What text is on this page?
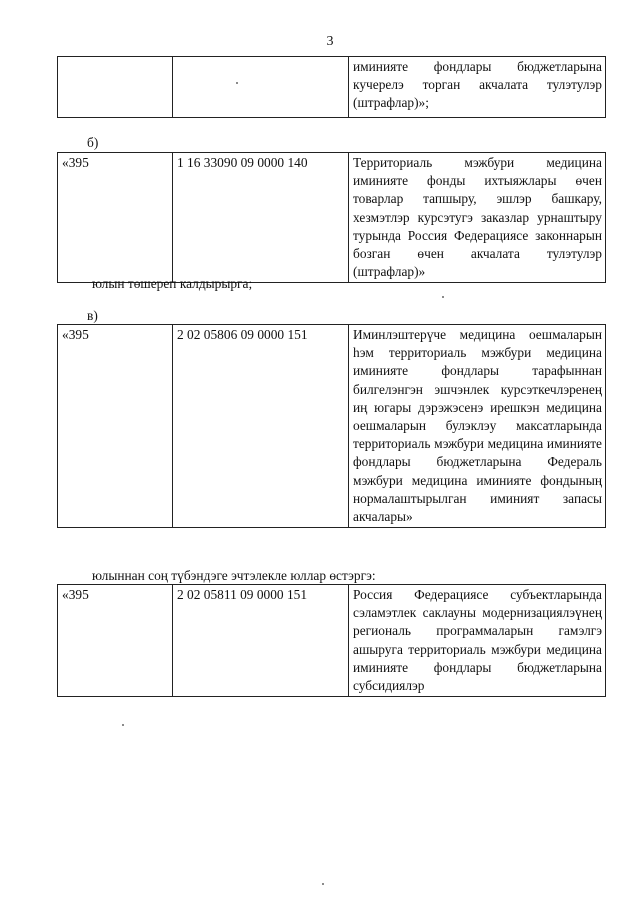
3
		иминияте фондлары бюджетларына кучерелэ торган акчалата тулэтулэр (штрафлар)»;
б)
«395	1 16 33090 09 0000 140	Территориаль мэжбури медицина иминияте фонды ихтыяжлары өчен товарлар тапшыру, эшлэр башкару, хезмэтлэр курсэтугэ заказлар урнаштыру турында Россия Федерациясе законнарын бозган өчен акчалата тулэтулэр (штрафлар)»
юлын төшереп калдырырга;
в)
«395	2 02 05806 09 0000 151	Иминлэштерүче медицина оешмаларын hэм территориаль мэжбури медицина иминияте фондлары тарафыннан билгелэнгэн эшчэнлек курсэткечлэренең иң югары дэрэжэсенэ ирешкэн медицина оешмаларын булэклэу максатларында территориаль мэжбури медицина иминияте фондлары бюджетларына Федераль мэжбури медицина иминияте фондының нормалаштырылган иминият запасы акчалары»
юлыннан соң түбэндэге эчтэлекле юллар өстэргэ:
«395	2 02 05811 09 0000 151	Россия Федерациясе субъектларында сэламэтлек саклауны модернизациялэүнең региональ программаларын гамэлгэ ашыруга территориаль мэжбури медицина иминияте фондлары бюджетларына субсидиялэр
